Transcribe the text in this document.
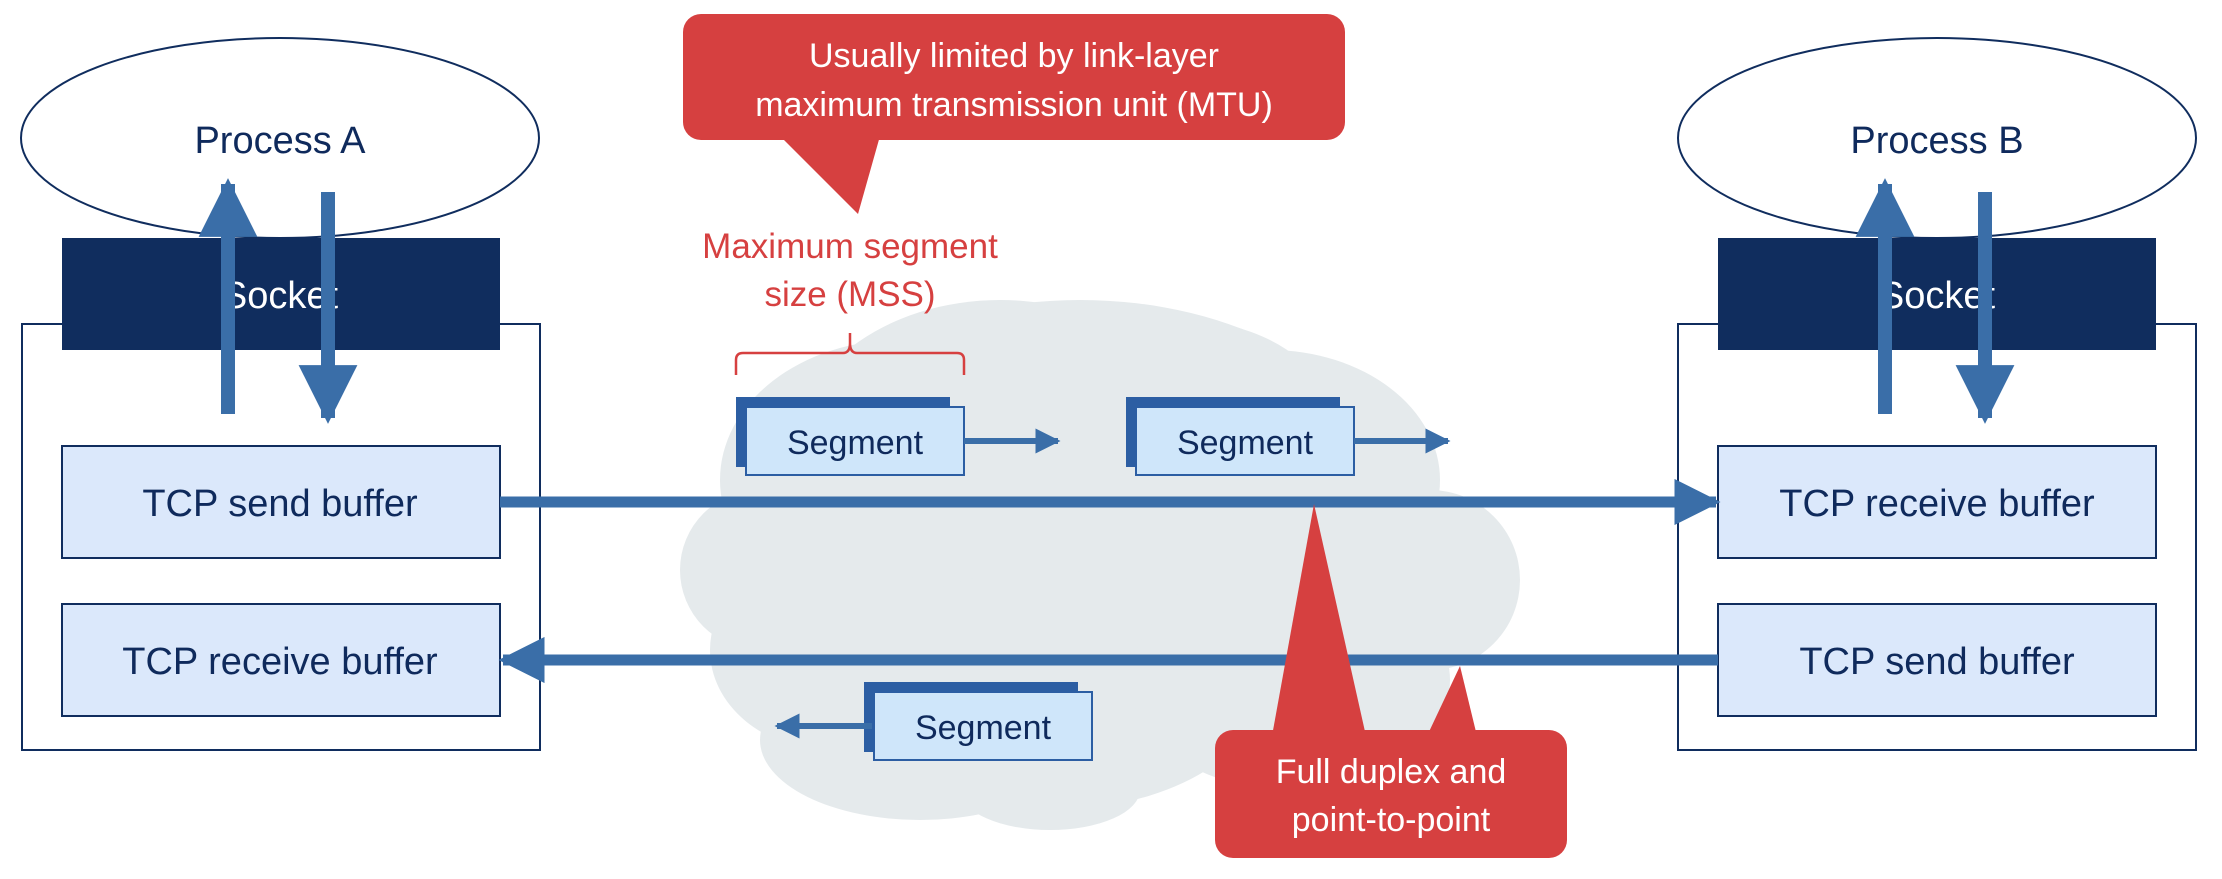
Process A
Socket
TCP send buffer
TCP receive buffer
Process B
Socket
TCP receive buffer
TCP send buffer
Segment	Segment
Segment
Maximum segment
size (MSS)
Usually limited by link-layer
maximum transmission unit (MTU)
Full duplex and
point-to-point
